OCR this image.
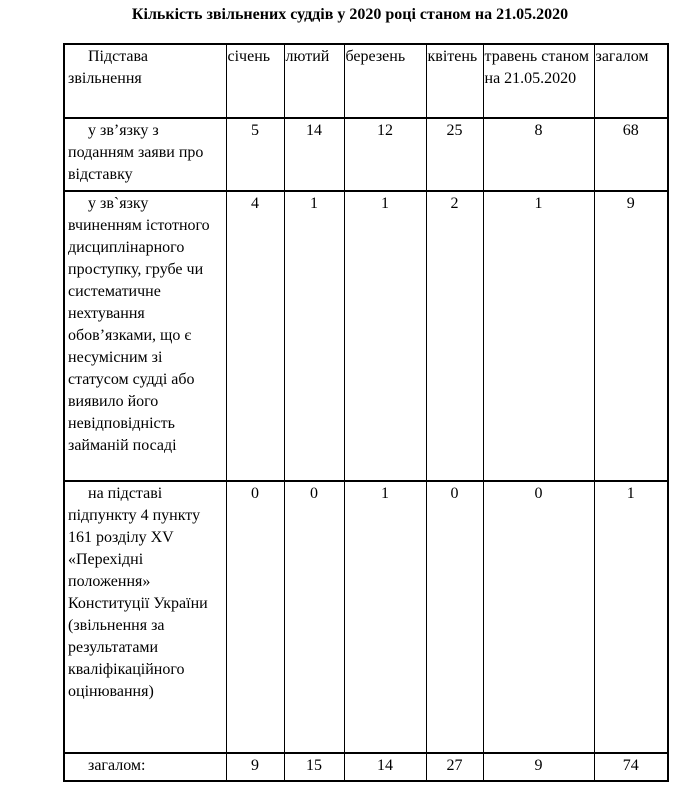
Кількість звільнених суддів у 2020 році станом на 21.05.2020
Підстава звільнення	січень	лютий	березень	квітень	травень станом на 21.05.2020	загалом
у зв’язку з поданням заяви про відставку	5	14	12	25	8	68
у зв`язку вчиненням істотного дисциплінарного проступку, грубе чи систематичне нехтування обов’язками, що є несумісним зі статусом судді або виявило його невідповідність займаній посаді	4	1	1	2	1	9
на підставі підпункту 4 пункту 161 розділу XV «Перехідні положення» Конституції України (звільнення за результатами кваліфікаційного оцінювання)	0	0	1	0	0	1
загалом:	9	15	14	27	9	74
